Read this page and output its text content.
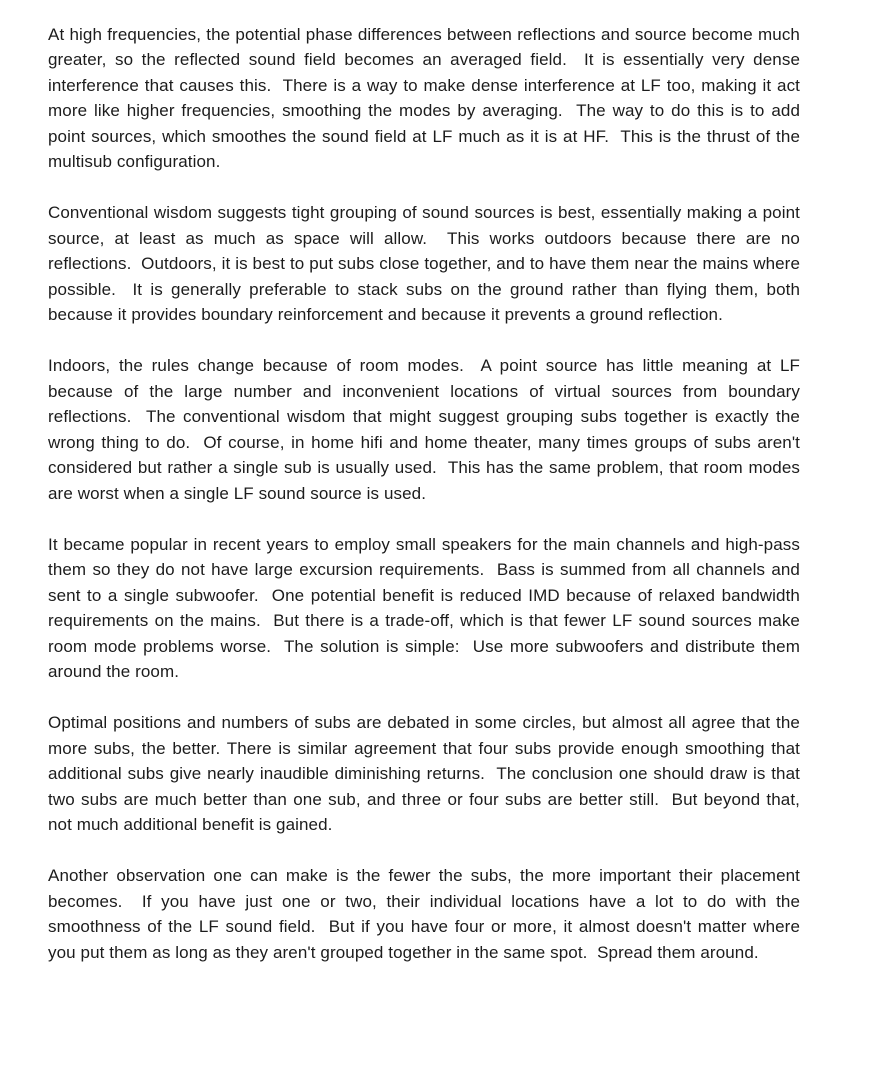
At high frequencies, the potential phase differences between reflections and source become much greater, so the reflected sound field becomes an averaged field.  It is essentially very dense interference that causes this.  There is a way to make dense interference at LF too, making it act more like higher frequencies, smoothing the modes by averaging.  The way to do this is to add point sources, which smoothes the sound field at LF much as it is at HF.  This is the thrust of the multisub configuration.

Conventional wisdom suggests tight grouping of sound sources is best, essentially making a point source, at least as much as space will allow.  This works outdoors because there are no reflections.  Outdoors, it is best to put subs close together, and to have them near the mains where possible.  It is generally preferable to stack subs on the ground rather than flying them, both because it provides boundary reinforcement and because it prevents a ground reflection.

Indoors, the rules change because of room modes.  A point source has little meaning at LF because of the large number and inconvenient locations of virtual sources from boundary reflections.  The conventional wisdom that might suggest grouping subs together is exactly the wrong thing to do.  Of course, in home hifi and home theater, many times groups of subs aren't considered but rather a single sub is usually used.  This has the same problem, that room modes are worst when a single LF sound source is used.

It became popular in recent years to employ small speakers for the main channels and high-pass them so they do not have large excursion requirements.  Bass is summed from all channels and sent to a single subwoofer.  One potential benefit is reduced IMD because of relaxed bandwidth requirements on the mains.  But there is a trade-off, which is that fewer LF sound sources make room mode problems worse.  The solution is simple:  Use more subwoofers and distribute them around the room.

Optimal positions and numbers of subs are debated in some circles, but almost all agree that the more subs, the better. There is similar agreement that four subs provide enough smoothing that additional subs give nearly inaudible diminishing returns.  The conclusion one should draw is that two subs are much better than one sub, and three or four subs are better still.  But beyond that, not much additional benefit is gained.

Another observation one can make is the fewer the subs, the more important their placement becomes.  If you have just one or two, their individual locations have a lot to do with the smoothness of the LF sound field.  But if you have four or more, it almost doesn't matter where you put them as long as they aren't grouped together in the same spot.  Spread them around.
